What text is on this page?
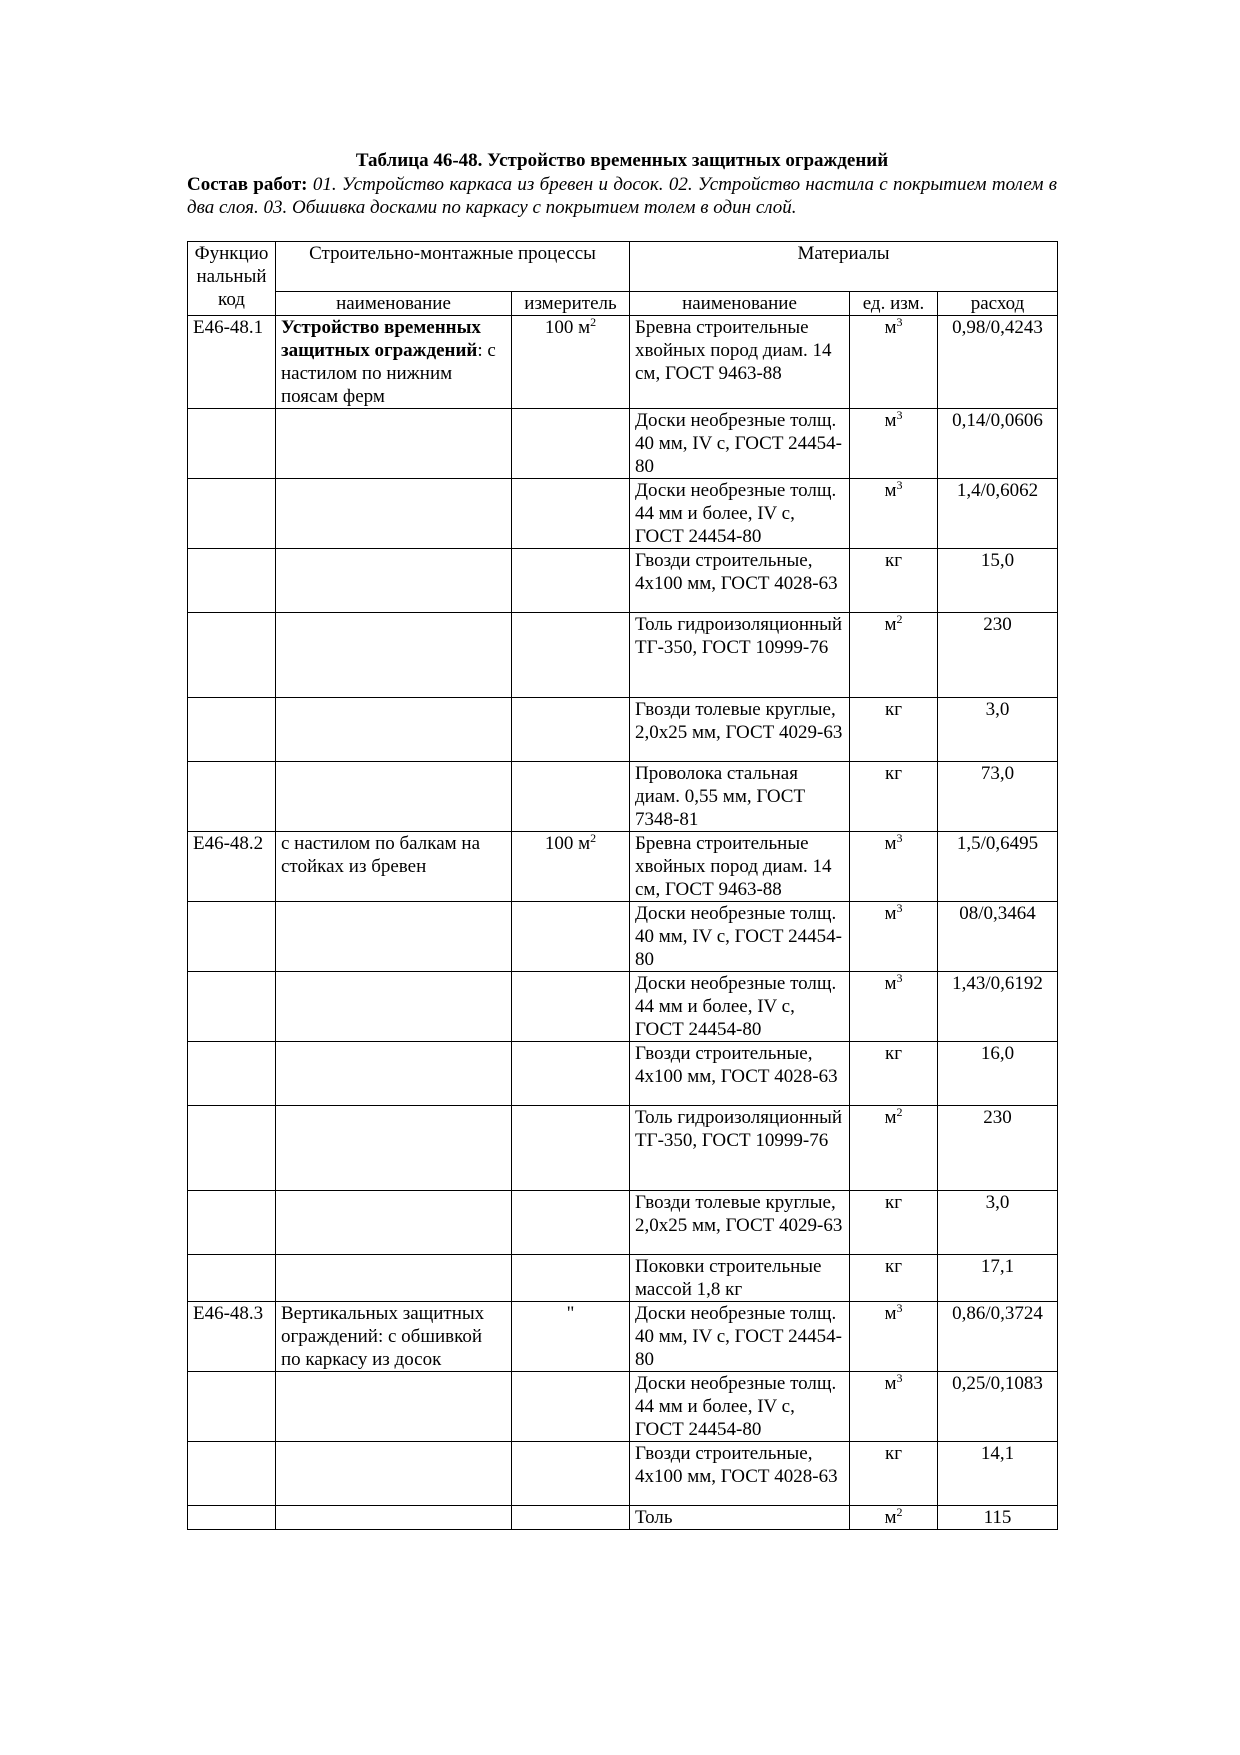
Таблица 46-48. Устройство временных защитных ограждений
Состав работ: 01. Устройство каркаса из бревен и досок. 02. Устройство настила с покрытием толем в два слоя. 03. Обшивка досками по каркасу с покрытием толем в один слой.
Функцио нальный код	Строительно-монтажные процессы		Материалы		
	наименование	измеритель	наименование	ед. изм.	расход
Е46-48.1	Устройство временных защитных ограждений: с настилом по нижним поясам ферм	100 $м^2$	Бревна строительные хвойных пород диам. 14 см, ГОСТ 9463-88	$м^3$	0,98/0,4243
			Доски необрезные толщ. 40 мм, IV с, ГОСТ 24454-80	$м^3$	0,14/0,0606
			Доски необрезные толщ. 44 мм и более, IV с, ГОСТ 24454-80	$м^3$	1,4/0,6062
			Гвозди строительные, 4x100 мм, ГОСТ 4028-63	кг	15,0
			Толь гидроизоляционный ТГ-350, ГОСТ 10999-76	$м^2$	230
			Гвозди толевые круглые, 2,0x25 мм, ГОСТ 4029-63	кг	3,0
			Проволока стальная диам. 0,55 мм, ГОСТ 7348-81	кг	73,0
Е46-48.2	с настилом по балкам на стойках из бревен	100 $м^2$	Бревна строительные хвойных пород диам. 14 см, ГОСТ 9463-88	$м^3$	1,5/0,6495
			Доски необрезные толщ. 40 мм, IV с, ГОСТ 24454-80	$м^3$	08/0,3464
			Доски необрезные толщ. 44 мм и более, IV с, ГОСТ 24454-80	$м^3$	1,43/0,6192
			Гвозди строительные, 4x100 мм, ГОСТ 4028-63	кг	16,0
			Толь гидроизоляционный ТГ-350, ГОСТ 10999-76	$м^2$	230
			Гвозди толевые круглые, 2,0x25 мм, ГОСТ 4029-63	кг	3,0
			Поковки строительные массой 1,8 кг	кг	17,1
Е46-48.3	Вертикальных защитных ограждений: с обшивкой по каркасу из досок	"	Доски необрезные толщ. 40 мм, IV с, ГОСТ 24454-80	$м^3$	0,86/0,3724
			Доски необрезные толщ. 44 мм и более, IV с, ГОСТ 24454-80	$м^3$	0,25/0,1083
			Гвозди строительные, 4x100 мм, ГОСТ 4028-63	кг	14,1
			Толь	$м^2$	115
